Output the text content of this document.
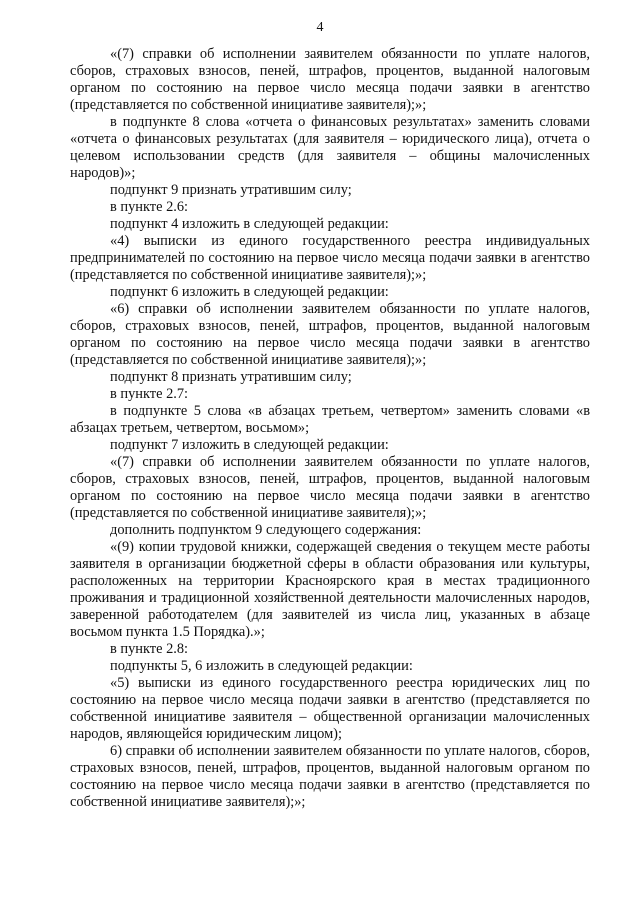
4

«(7) справки об исполнении заявителем обязанности по уплате налогов, сборов, страховых взносов, пеней, штрафов, процентов, выданной налоговым органом по состоянию на первое число месяца подачи заявки в агентство (представляется по собственной инициативе заявителя);»;

в подпункте 8 слова «отчета о финансовых результатах» заменить словами «отчета о финансовых результатах (для заявителя – юридического лица), отчета о целевом использовании средств (для заявителя – общины малочисленных народов)»;

подпункт 9 признать утратившим силу;

в пункте 2.6:

подпункт 4 изложить в следующей редакции:

«4) выписки из единого государственного реестра индивидуальных предпринимателей по состоянию на первое число месяца подачи заявки в агентство (представляется по собственной инициативе заявителя);»;

подпункт 6 изложить в следующей редакции:

«6) справки об исполнении заявителем обязанности по уплате налогов, сборов, страховых взносов, пеней, штрафов, процентов, выданной налоговым органом по состоянию на первое число месяца подачи заявки в агентство (представляется по собственной инициативе заявителя);»;

подпункт 8 признать утратившим силу;

в пункте 2.7:

в подпункте 5 слова «в абзацах третьем, четвертом» заменить словами «в абзацах третьем, четвертом, восьмом»;

подпункт 7 изложить в следующей редакции:

«(7) справки об исполнении заявителем обязанности по уплате налогов, сборов, страховых взносов, пеней, штрафов, процентов, выданной налоговым органом по состоянию на первое число месяца подачи заявки в агентство (представляется по собственной инициативе заявителя);»;

дополнить подпунктом 9 следующего содержания:

«(9) копии трудовой книжки, содержащей сведения о текущем месте работы заявителя в организации бюджетной сферы в области образования или культуры, расположенных на территории Красноярского края в местах традиционного проживания и традиционной хозяйственной деятельности малочисленных народов, заверенной работодателем (для заявителей из числа лиц, указанных в абзаце восьмом пункта 1.5 Порядка).»;

в пункте 2.8:

подпункты 5, 6 изложить в следующей редакции:

«5) выписки из единого государственного реестра юридических лиц по состоянию на первое число месяца подачи заявки в агентство (представляется по собственной инициативе заявителя – общественной организации малочисленных народов, являющейся юридическим лицом);

6) справки об исполнении заявителем обязанности по уплате налогов, сборов, страховых взносов, пеней, штрафов, процентов, выданной налоговым органом по состоянию на первое число месяца подачи заявки в агентство (представляется по собственной инициативе заявителя);»;
